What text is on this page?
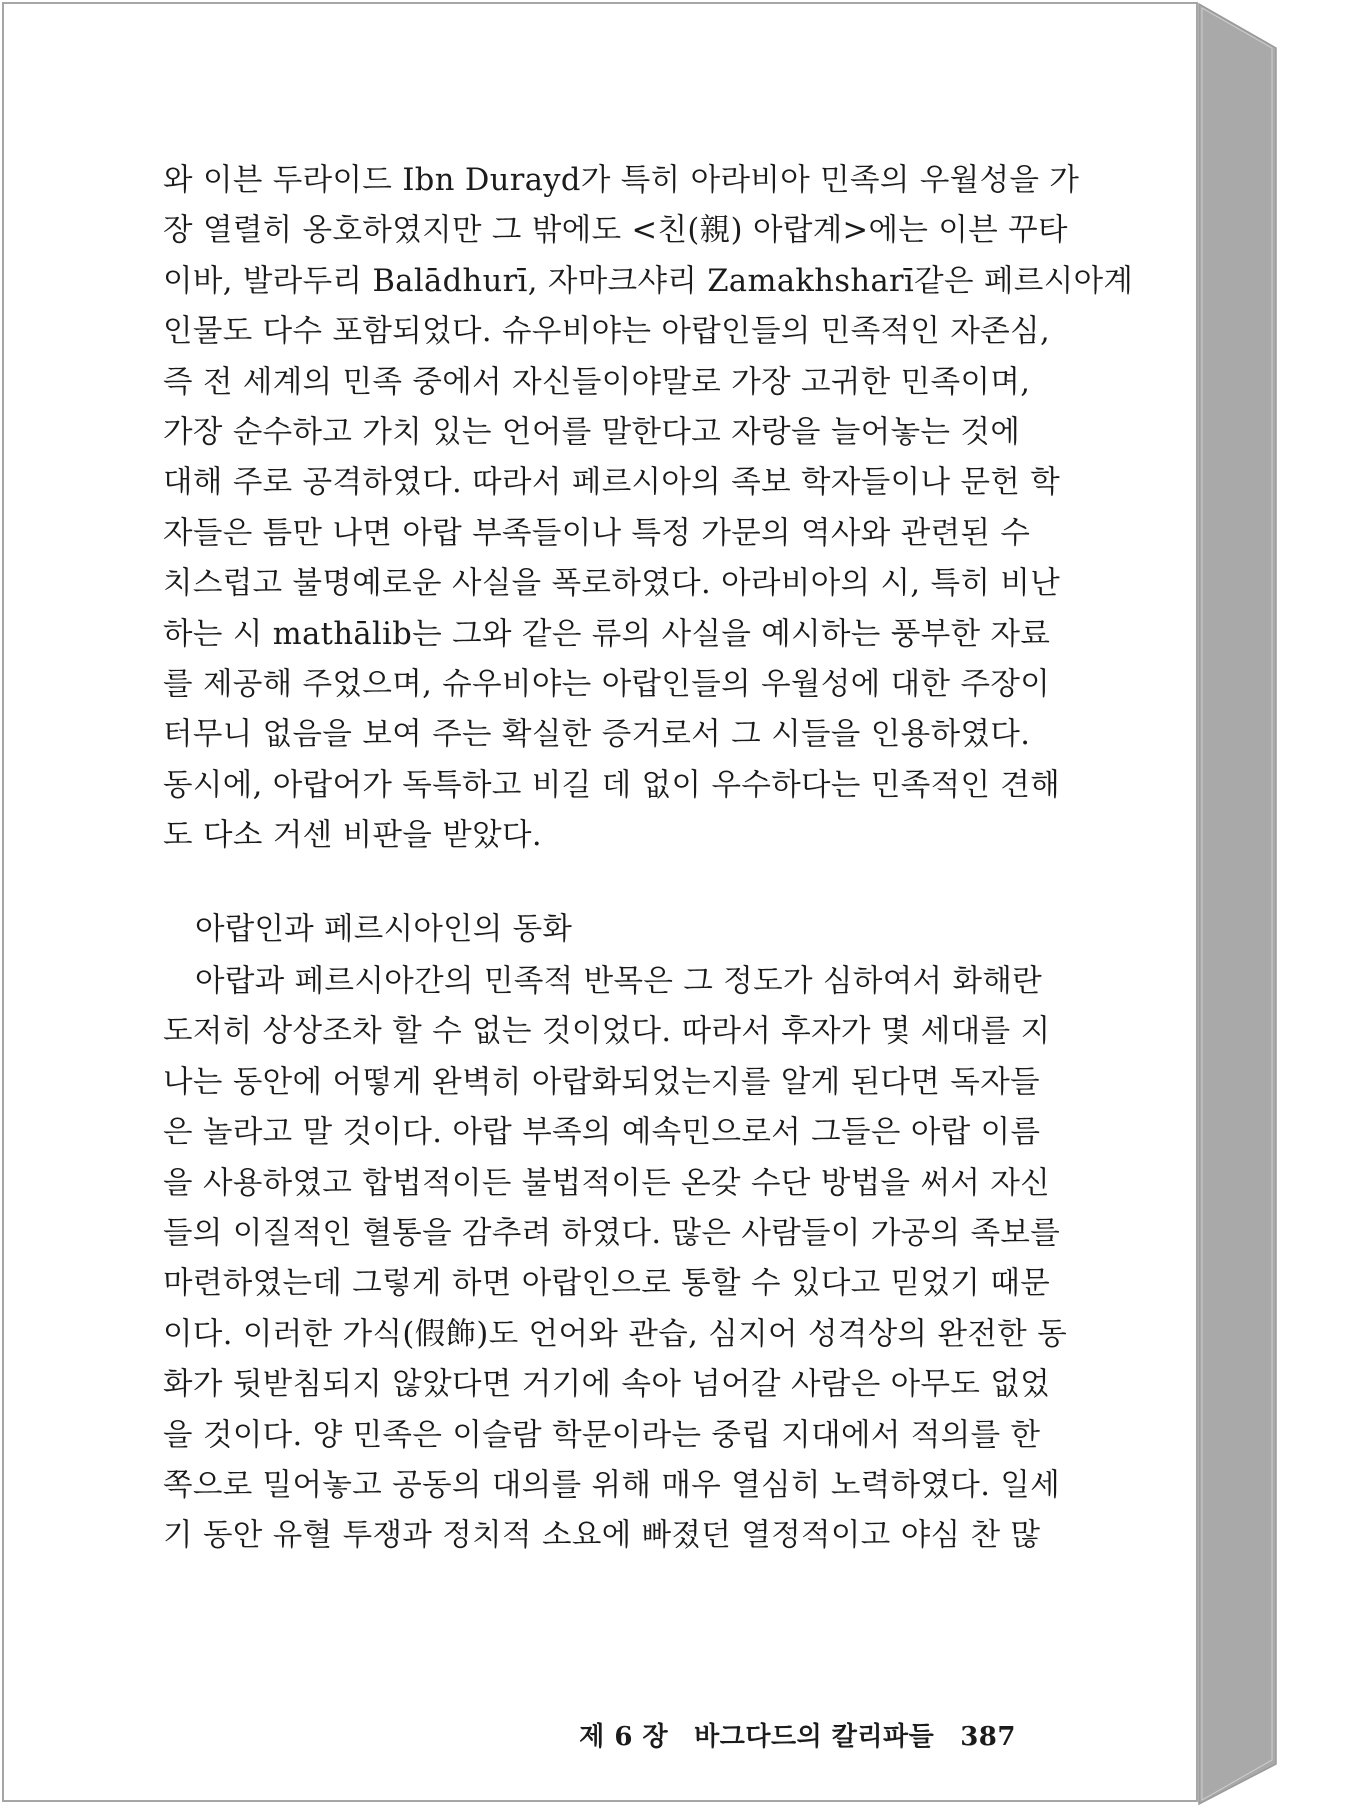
와 이븐 두라이드 Ibn Durayd가 특히 아라비아 민족의 우월성을 가
장 열렬히 옹호하였지만 그 밖에도 <친(親) 아랍계>에는 이븐 꾸타
이바, 발라두리 Balādhurī, 자마크샤리 Zamakhsharī같은 페르시아계
인물도 다수 포함되었다. 슈우비야는 아랍인들의 민족적인 자존심,
즉 전 세계의 민족 중에서 자신들이야말로 가장 고귀한 민족이며,
가장 순수하고 가치 있는 언어를 말한다고 자랑을 늘어놓는 것에
대해 주로 공격하였다. 따라서 페르시아의 족보 학자들이나 문헌 학
자들은 틈만 나면 아랍 부족들이나 특정 가문의 역사와 관련된 수
치스럽고 불명예로운 사실을 폭로하였다. 아라비아의 시, 특히 비난
하는 시 mathālib는 그와 같은 류의 사실을 예시하는 풍부한 자료
를 제공해 주었으며, 슈우비야는 아랍인들의 우월성에 대한 주장이
터무니 없음을 보여 주는 확실한 증거로서 그 시들을 인용하였다.
동시에, 아랍어가 독특하고 비길 데 없이 우수하다는 민족적인 견해
도 다소 거센 비판을 받았다.
아랍인과 페르시아인의 동화
아랍과 페르시아간의 민족적 반목은 그 정도가 심하여서 화해란
도저히 상상조차 할 수 없는 것이었다. 따라서 후자가 몇 세대를 지
나는 동안에 어떻게 완벽히 아랍화되었는지를 알게 된다면 독자들
은 놀라고 말 것이다. 아랍 부족의 예속민으로서 그들은 아랍 이름
을 사용하였고 합법적이든 불법적이든 온갖 수단 방법을 써서 자신
들의 이질적인 혈통을 감추려 하였다. 많은 사람들이 가공의 족보를
마련하였는데 그렇게 하면 아랍인으로 통할 수 있다고 믿었기 때문
이다. 이러한 가식(假飾)도 언어와 관습, 심지어 성격상의 완전한 동
화가 뒷받침되지 않았다면 거기에 속아 넘어갈 사람은 아무도 없었
을 것이다. 양 민족은 이슬람 학문이라는 중립 지대에서 적의를 한
쪽으로 밀어놓고 공동의 대의를 위해 매우 열심히 노력하였다. 일세
기 동안 유혈 투쟁과 정치적 소요에 빠졌던 열정적이고 야심 찬 많
제 6 장 바그다드의 칼리파들 387
